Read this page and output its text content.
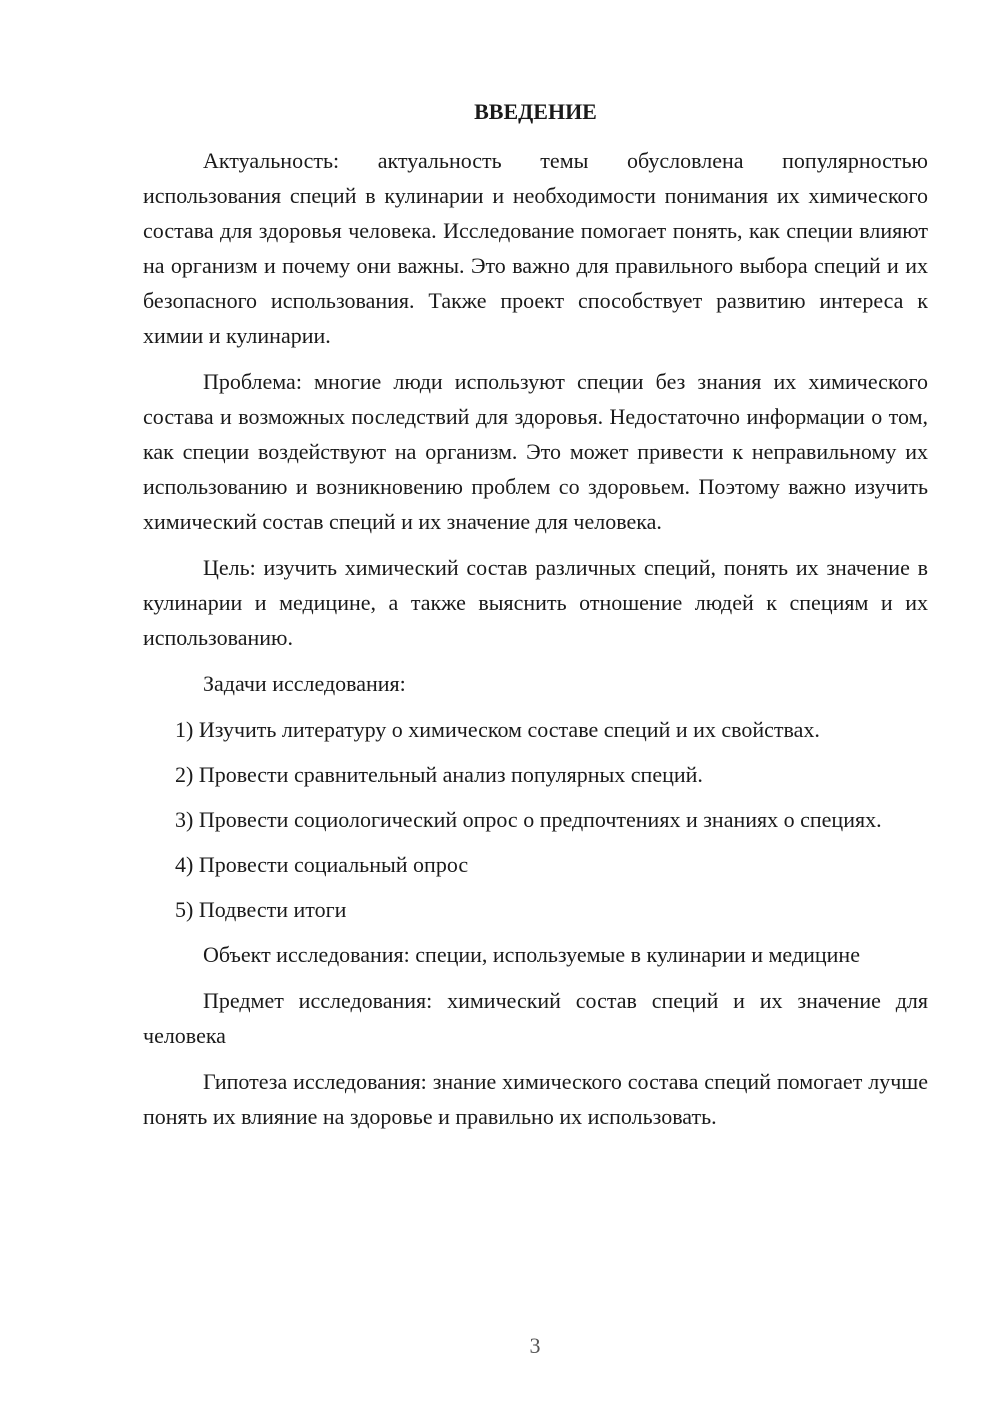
ВВЕДЕНИЕ

Актуальность: актуальность темы обусловлена популярностью использования специй в кулинарии и необходимости понимания их химического состава для здоровья человека. Исследование помогает понять, как специи влияют на организм и почему они важны. Это важно для правильного выбора специй и их безопасного использования. Также проект способствует развитию интереса к химии и кулинарии.

Проблема: многие люди используют специи без знания их химического состава и возможных последствий для здоровья. Недостаточно информации о том, как специи воздействуют на организм. Это может привести к неправильному их использованию и возникновению проблем со здоровьем. Поэтому важно изучить химический состав специй и их значение для человека.

Цель: изучить химический состав различных специй, понять их значение в кулинарии и медицине, а также выяснить отношение людей к специям и их использованию.

Задачи исследования:

1) Изучить литературу о химическом составе специй и их свойствах.

2) Провести сравнительный анализ популярных специй.

3) Провести социологический опрос о предпочтениях и знаниях о специях.

4) Провести социальный опрос

5) Подвести итоги

Объект исследования: специи, используемые в кулинарии и медицине

Предмет исследования: химический состав специй и их значение для человека

Гипотеза исследования: знание химического состава специй помогает лучше понять их влияние на здоровье и правильно их использовать.

3
